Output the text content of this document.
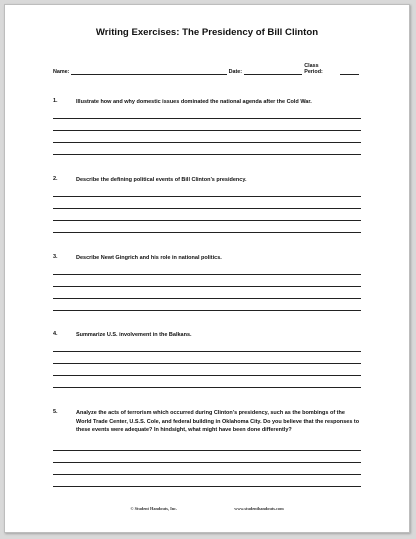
Writing Exercises: The Presidency of Bill Clinton
Name:	Date:
Class Period:
1.	Illustrate how and why domestic issues dominated the national agenda after the Cold War.
2.	Describe the defining political events of Bill Clinton’s presidency.
3.	Describe Newt Gingrich and his role in national politics.
4.	Summarize U.S. involvement in the Balkans.
5.	Analyze the acts of terrorism which occurred during Clinton’s presidency, such as the bombings of the World Trade Center, U.S.S. Cole, and federal building in Oklahoma City. Do you believe that the responses to these events were adequate? In hindsight, what might have been done differently?
© Student Handouts, Inc.	www.studenthandouts.com
